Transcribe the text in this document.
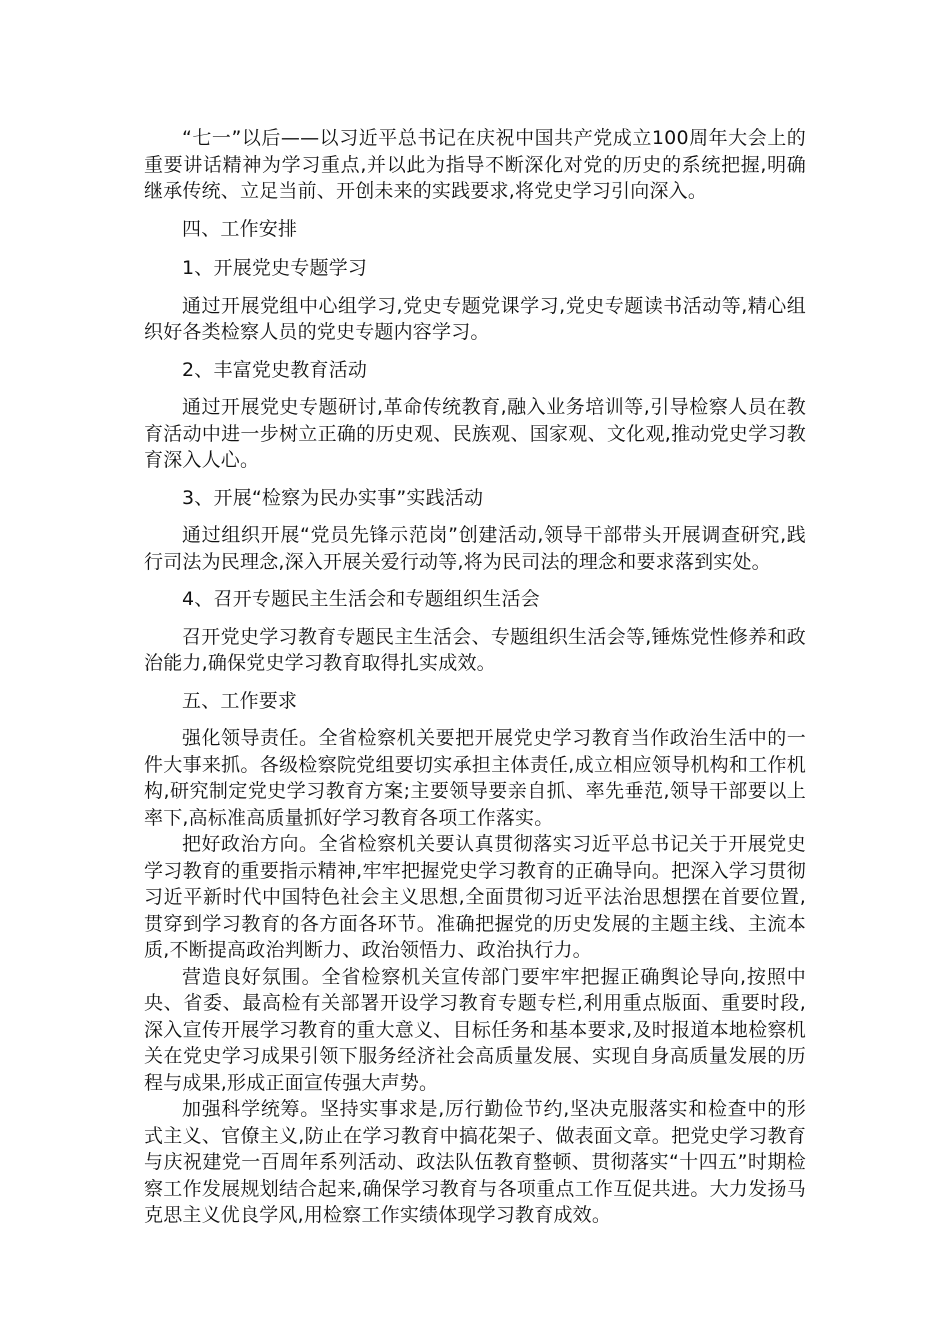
“七一”以后——以习近平总书记在庆祝中国共产党成立100周年大会上的重要讲话精神为学习重点,并以此为指导不断深化对党的历史的系统把握,明确继承传统、立足当前、开创未来的实践要求,将党史学习引向深入。

四、工作安排

1、开展党史专题学习

通过开展党组中心组学习,党史专题党课学习,党史专题读书活动等,精心组织好各类检察人员的党史专题内容学习。

2、丰富党史教育活动

通过开展党史专题研讨,革命传统教育,融入业务培训等,引导检察人员在教育活动中进一步树立正确的历史观、民族观、国家观、文化观,推动党史学习教育深入人心。

3、开展“检察为民办实事”实践活动

通过组织开展“党员先锋示范岗”创建活动,领导干部带头开展调查研究,践行司法为民理念,深入开展关爱行动等,将为民司法的理念和要求落到实处。

4、召开专题民主生活会和专题组织生活会

召开党史学习教育专题民主生活会、专题组织生活会等,锤炼党性修养和政治能力,确保党史学习教育取得扎实成效。

五、工作要求

强化领导责任。全省检察机关要把开展党史学习教育当作政治生活中的一件大事来抓。各级检察院党组要切实承担主体责任,成立相应领导机构和工作机构,研究制定党史学习教育方案;主要领导要亲自抓、率先垂范,领导干部要以上率下,高标准高质量抓好学习教育各项工作落实。

把好政治方向。全省检察机关要认真贯彻落实习近平总书记关于开展党史学习教育的重要指示精神,牢牢把握党史学习教育的正确导向。把深入学习贯彻习近平新时代中国特色社会主义思想,全面贯彻习近平法治思想摆在首要位置,贯穿到学习教育的各方面各环节。准确把握党的历史发展的主题主线、主流本质,不断提高政治判断力、政治领悟力、政治执行力。

营造良好氛围。全省检察机关宣传部门要牢牢把握正确舆论导向,按照中央、省委、最高检有关部署开设学习教育专题专栏,利用重点版面、重要时段,深入宣传开展学习教育的重大意义、目标任务和基本要求,及时报道本地检察机关在党史学习成果引领下服务经济社会高质量发展、实现自身高质量发展的历程与成果,形成正面宣传强大声势。

加强科学统筹。坚持实事求是,厉行勤俭节约,坚决克服落实和检查中的形式主义、官僚主义,防止在学习教育中搞花架子、做表面文章。把党史学习教育与庆祝建党一百周年系列活动、政法队伍教育整顿、贯彻落实“十四五”时期检察工作发展规划结合起来,确保学习教育与各项重点工作互促共进。大力发扬马克思主义优良学风,用检察工作实绩体现学习教育成效。
